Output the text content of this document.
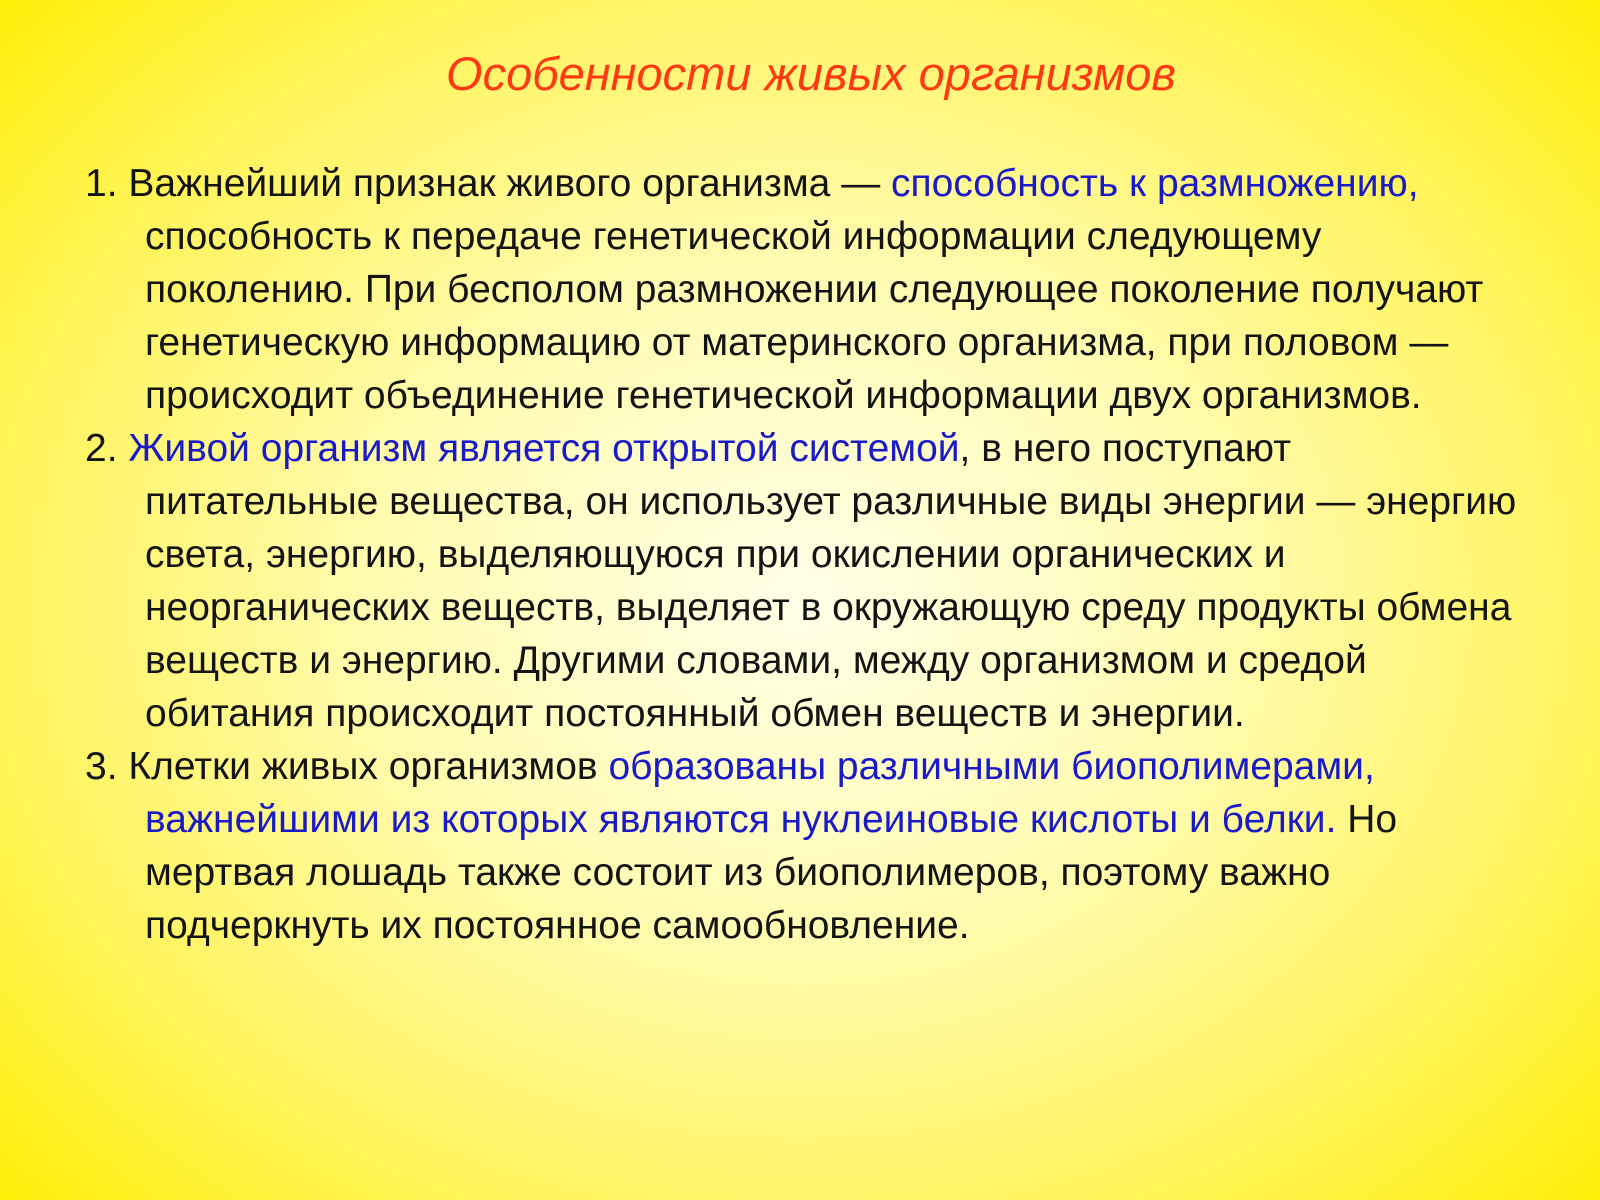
Особенности живых организмов

1. Важнейший признак живого организма — способность к размножению, способность к передаче генетической информации следующему поколению. При бесполом размножении следующее поколение получают генетическую информацию от материнского организма, при половом — происходит объединение генетической информации двух организмов.

2. Живой организм является открытой системой, в него поступают питательные вещества, он использует различные виды энергии — энергию света, энергию, выделяющуюся при окислении органических и неорганических веществ, выделяет в окружающую среду продукты обмена веществ и энергию. Другими словами, между организмом и средой обитания происходит постоянный обмен веществ и энергии.

3. Клетки живых организмов образованы различными биополимерами, важнейшими из которых являются нуклеиновые кислоты и белки. Но мертвая лошадь также состоит из биополимеров, поэтому важно подчеркнуть их постоянное самообновление.
